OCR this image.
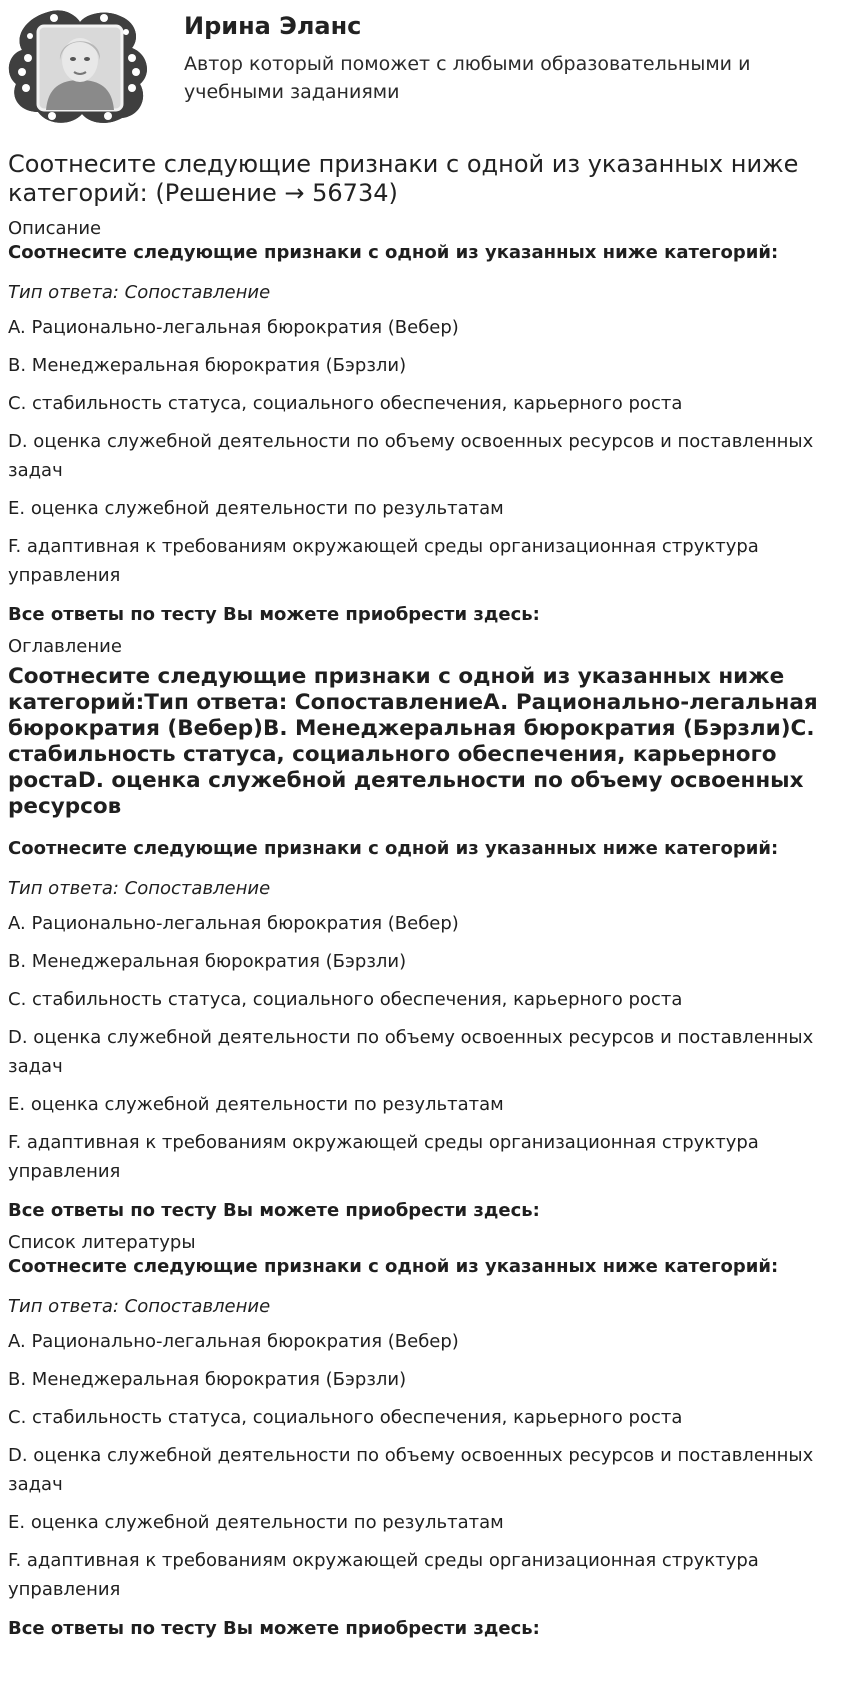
Ирина Эланс
Автор который поможет с любыми образовательными и учебными заданиями
Соотнесите следующие признаки с одной из указанных ниже категорий: (Решение → 56734)
Описание
Соотнесите следующие признаки с одной из указанных ниже категорий:
Тип ответа: Сопоставление
A. Рационально-легальная бюрократия (Вебер)
B. Менеджеральная бюрократия (Бэрзли)
C. стабильность статуса, социального обеспечения, карьерного роста
D. оценка служебной деятельности по объему освоенных ресурсов и поставленных задач
E. оценка служебной деятельности по результатам
F. адаптивная к требованиям окружающей среды организационная структура управления
Все ответы по тесту Вы можете приобрести здесь:
Оглавление
Соотнесите следующие признаки с одной из указанных ниже категорий:Тип ответа: СопоставлениеA. Рационально-легальная бюрократия (Вебер)B. Менеджеральная бюрократия (Бэрзли)C. стабильность статуса, социального обеспечения, карьерного ростаD. оценка служебной деятельности по объему освоенных ресурсов
Соотнесите следующие признаки с одной из указанных ниже категорий:
Тип ответа: Сопоставление
A. Рационально-легальная бюрократия (Вебер)
B. Менеджеральная бюрократия (Бэрзли)
C. стабильность статуса, социального обеспечения, карьерного роста
D. оценка служебной деятельности по объему освоенных ресурсов и поставленных задач
E. оценка служебной деятельности по результатам
F. адаптивная к требованиям окружающей среды организационная структура управления
Все ответы по тесту Вы можете приобрести здесь:
Список литературы
Соотнесите следующие признаки с одной из указанных ниже категорий:
Тип ответа: Сопоставление
A. Рационально-легальная бюрократия (Вебер)
B. Менеджеральная бюрократия (Бэрзли)
C. стабильность статуса, социального обеспечения, карьерного роста
D. оценка служебной деятельности по объему освоенных ресурсов и поставленных задач
E. оценка служебной деятельности по результатам
F. адаптивная к требованиям окружающей среды организационная структура управления
Все ответы по тесту Вы можете приобрести здесь:
